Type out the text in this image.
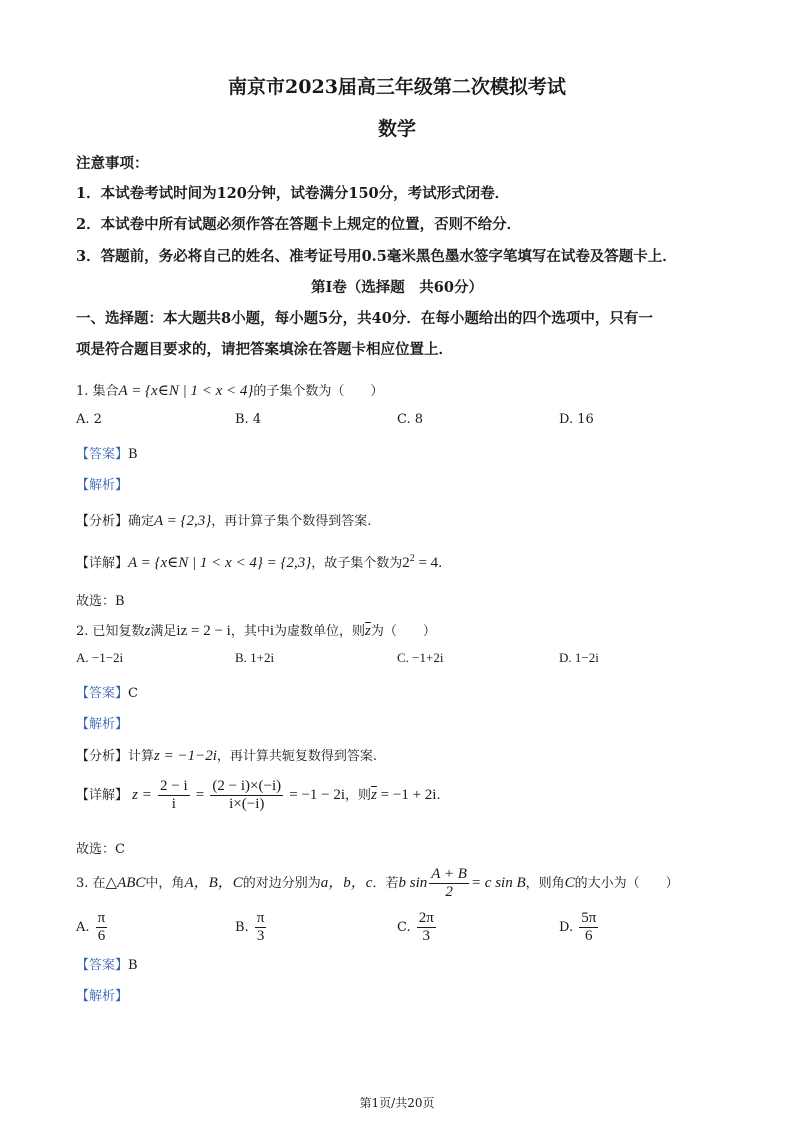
南京市2023届高三年级第二次模拟考试
数学
注意事项：
1．本试卷考试时间为120分钟，试卷满分150分，考试形式闭卷．
2．本试卷中所有试题必须作答在答题卡上规定的位置，否则不给分．
3．答题前，务必将自己的姓名、准考证号用0.5毫米黑色墨水签字笔填写在试卷及答题卡上．
第Ⅰ卷（选择题　共60分）
一、选择题：本大题共8小题，每小题5分，共40分．在每小题给出的四个选项中，只有一
项是符合题目要求的，请把答案填涂在答题卡相应位置上．
1. 集合A = {x∈N | 1 < x < 4}的子集个数为（　　）
A. 2	B. 4	C. 8	D. 16
【答案】B
【解析】
【分析】确定A = {2,3}，再计算子集个数得到答案.
【详解】A = {x∈N | 1 < x < 4} = {2,3}，故子集个数为$2^2 = 4$.
故选：B
2. 已知复数z满足iz = 2 − i，其中i为虚数单位，则$\overline{z}$为（　　）
A. −1−2i	B. 1+2i	C. −1+2i	D. 1−2i
【答案】C
【解析】
【分析】计算z = −1−2i，再计算共轭复数得到答案.
【详解】 $z = \frac{2 - i}{i} = \frac{(2 - i)\times(-i)}{i\times(-i)} = -1 - 2i$，则$\overline{z} = -1 + 2i$.
故选：C
3. 在△ABC中，角A，B，C的对边分别为a，b，c．若b $\sin \frac{A + B}{2} = c$ sin B，则角C的大小为（　　）
A. $\frac{\pi}{6}$	B. $\frac{\pi}{3}$	C. $\frac{2\pi}{3}$	D. $\frac{5\pi}{6}$
【答案】B
【解析】
第1页/共20页
